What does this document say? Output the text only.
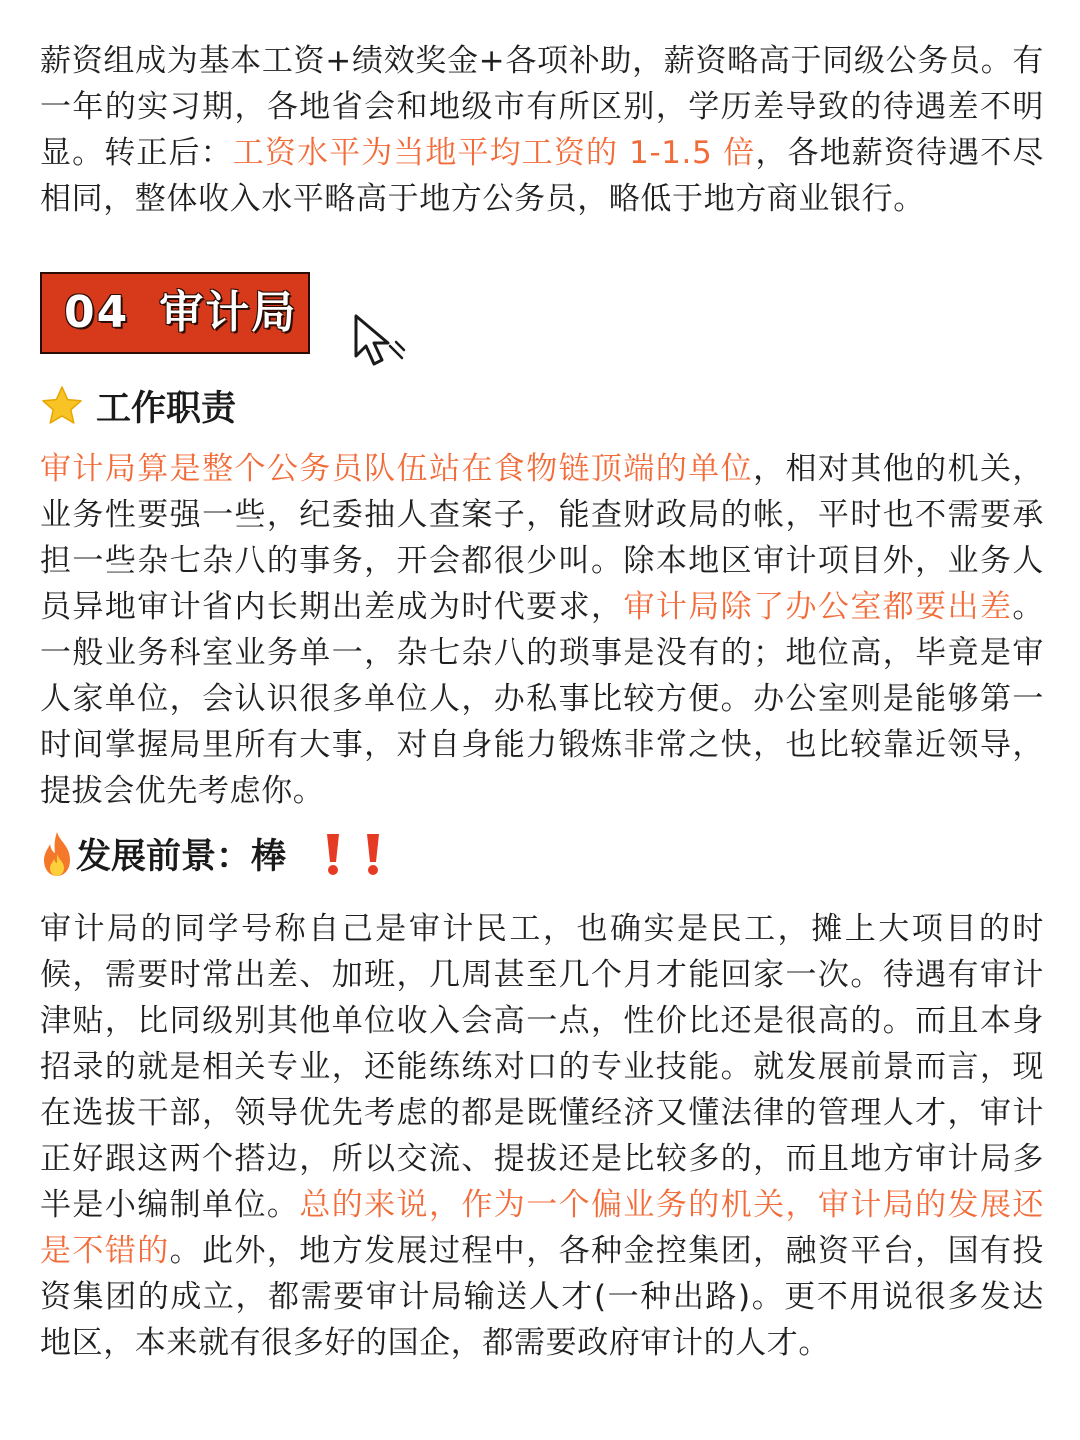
薪资组成为基本工资+绩效奖金+各项补助，薪资略高于同级公务员。有一年的实习期，各地省会和地级市有所区别，学历差导致的待遇差不明显。转正后：工资水平为当地平均工资的 1-1.5 倍，各地薪资待遇不尽相同，整体收入水平略高于地方公务员，略低于地方商业银行。

04 审计局
工作职责

审计局算是整个公务员队伍站在食物链顶端的单位，相对其他的机关，业务性要强一些，纪委抽人查案子，能查财政局的帐，平时也不需要承担一些杂七杂八的事务，开会都很少叫。除本地区审计项目外，业务人员异地审计省内长期出差成为时代要求，审计局除了办公室都要出差。一般业务科室业务单一，杂七杂八的琐事是没有的；地位高，毕竟是审人家单位，会认识很多单位人，办私事比较方便。办公室则是能够第一时间掌握局里所有大事，对自身能力锻炼非常之快，也比较靠近领导，提拔会优先考虑你。

发展前景：棒

审计局的同学号称自己是审计民工，也确实是民工，摊上大项目的时候，需要时常出差、加班，几周甚至几个月才能回家一次。待遇有审计津贴，比同级别其他单位收入会高一点，性价比还是很高的。而且本身招录的就是相关专业，还能练练对口的专业技能。就发展前景而言，现在选拔干部，领导优先考虑的都是既懂经济又懂法律的管理人才，审计正好跟这两个搭边，所以交流、提拔还是比较多的，而且地方审计局多半是小编制单位。总的来说，作为一个偏业务的机关，审计局的发展还是不错的。此外，地方发展过程中，各种金控集团，融资平台，国有投资集团的成立，都需要审计局输送人才(一种出路)。更不用说很多发达地区，本来就有很多好的国企，都需要政府审计的人才。
